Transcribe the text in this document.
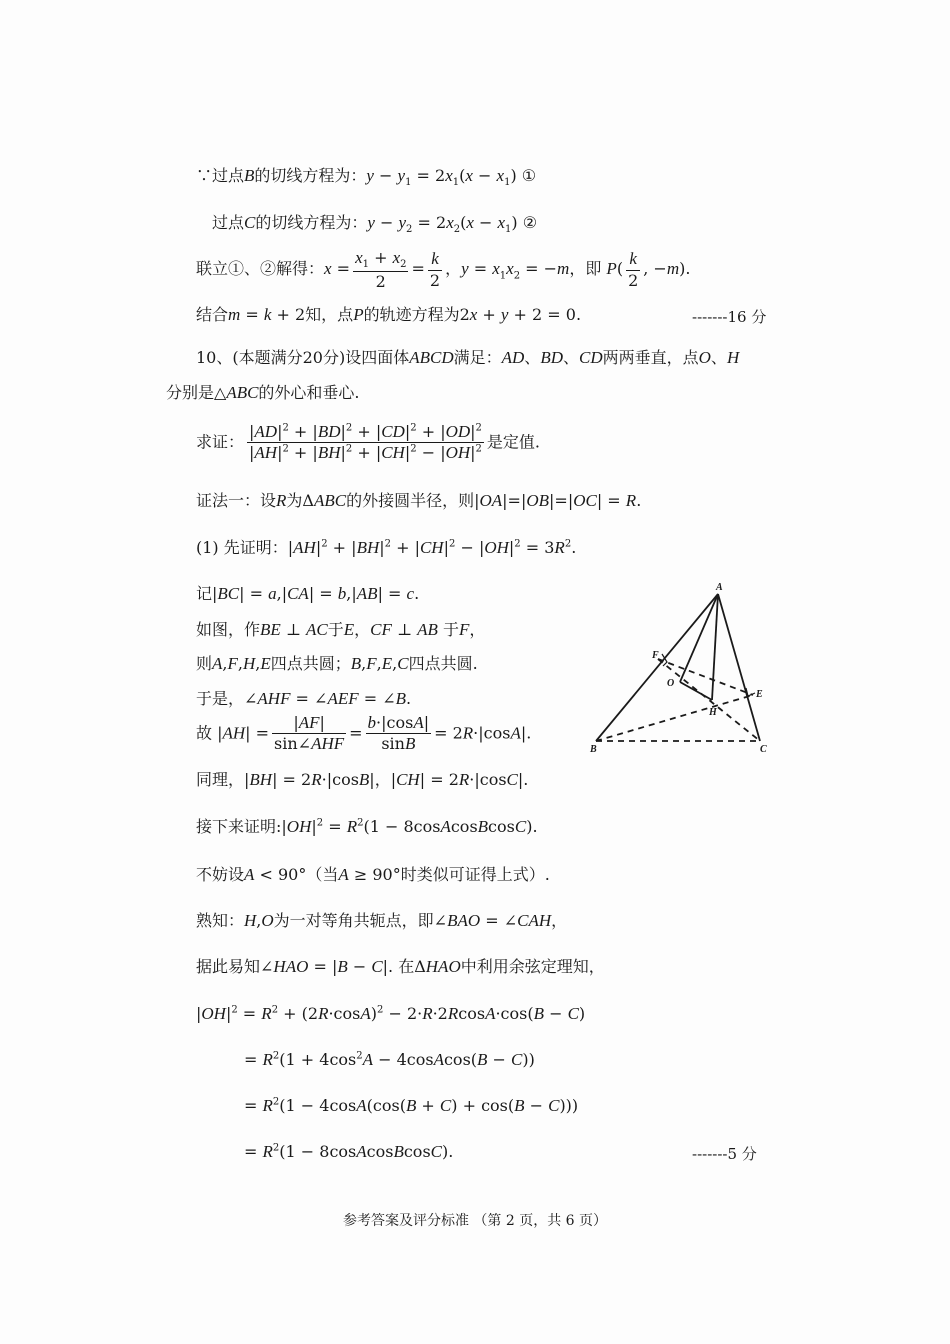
∵过点B的切线方程为：$y - y_1 = 2x_1(x - x_1)$ ①
过点C的切线方程为：$y - y_2 = 2x_2(x - x_1)$ ②
联立①、②解得：$x = \frac{x_1 + x_2}{2} = \frac{k}{2}$ ，$y = x_1x_2 = -m$，即 $P( \frac{k}{2}$ , −m).
结合m = k + 2知，点P的轨迹方程为2x + y + 2 = 0.	-------16 分
10、(本题满分20分)设四面体ABCD满足：AD、BD、CD两两垂直，点O、H
分别是△ABC的外心和垂心.
求证： $\frac{|AD|^2 + |BD|^2 + |CD|^2 + |OD|^2}{|AH|^2 + |BH|^2 + |CH|^2 - |OH|^2}$ 是定值.
证法一：设R为ΔABC的外接圆半径，则|OA|=|OB|=|OC| = R.
(1) 先证明：$|AH|^2 + |BH|^2 + |CH|^2 - |OH|^2 = 3R^2$.
记|BC| = a,|CA| = b,|AB| = c.
如图，作BE ⊥ AC于E，CF ⊥ AB 于F，
则A,F,H,E四点共圆；B,F,E,C四点共圆.
于是，∠AHF = ∠AEF = ∠B.
故 $|AH| = \frac{|AF|}{\text{sin∠AHF}} = \frac{b\cdot|\cos A|}{\sin B} = 2R\cdot|\cos A|$.
同理，|BH| = 2R·|cosB|，|CH| = 2R·|cosC|.
接下来证明$:|OH|^2 = R^2(1$ − 8cosAcosBcosC).
不妨设A < 90°（当A ≥ 90°时类似可证得上式）.
熟知：H,O为一对等角共轭点，即∠BAO = ∠CAH，
据此易知∠HAO = |B − C|. 在ΔHAO中利用余弦定理知，
$|OH|^2 = R^2 + (2R\cdot\cos A)^2 - 2\cdot R\cdot 2RcosA\cdot\cos(B - C)$
= $R^2(1 + 4\cos^2A$ − 4cosAcos(B − C))
= $R^2(1 - 4\cos A(\cos(B + C) + \cos(B - C)))$
= $R^2(1$ − 8cosAcosBcosC).	-------5 分
A
B	C
E
F
H
O
参考答案及评分标准 （第 2 页，共 6 页）
